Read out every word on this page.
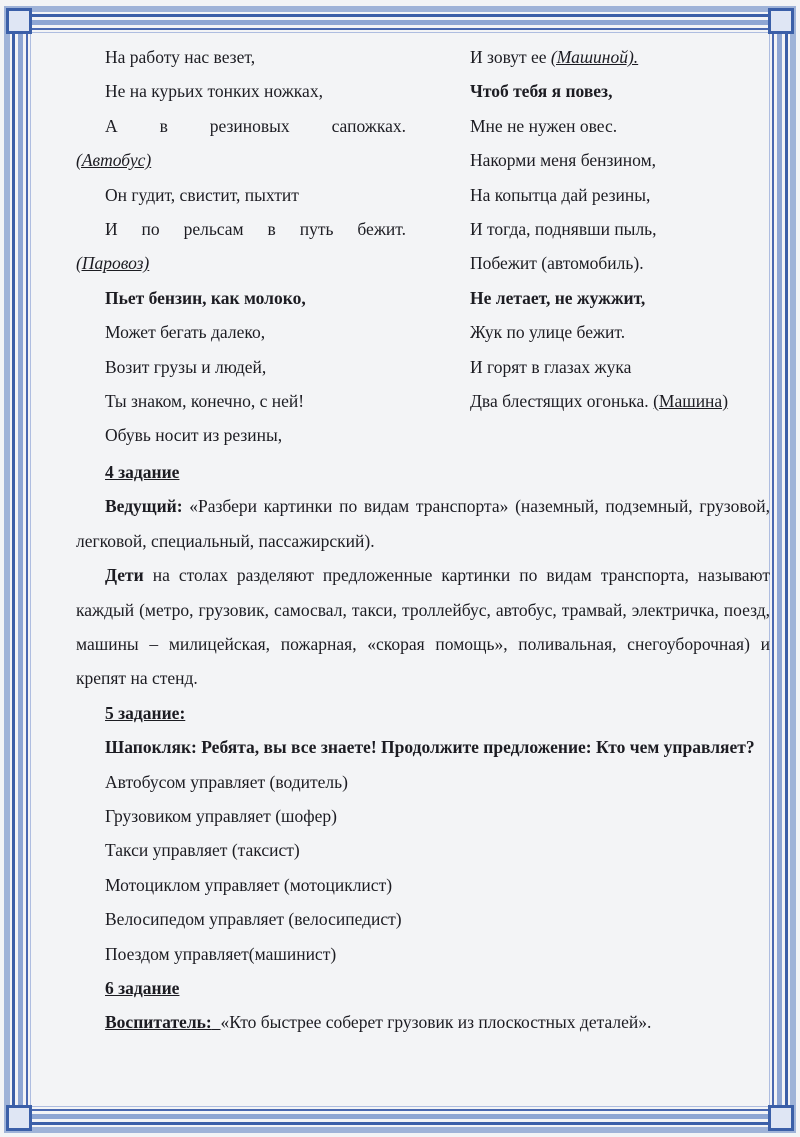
На работу нас везет,
Не на курьих тонких ножках,
А в резиновых сапожках.
(Автобус)
Он гудит, свистит, пыхтит
И по рельсам в путь бежит.
(Паровоз)
Пьет бензин, как молоко,
Может бегать далеко,
Возит грузы и людей,
Ты знаком, конечно, с ней!
Обувь носит из резины,
И зовут ее (Машиной).
Чтоб тебя я повез,
Мне не нужен овес.
Накорми меня бензином,
На копытца дай резины,
И тогда, поднявши пыль,
Побежит (автомобиль).
Не летает, не жужжит,
Жук по улице бежит.
И горят в глазах жука
Два блестящих огонька. (Машина)
4 задание

Ведущий: «Разбери картинки по видам транспорта» (наземный, подземный, грузовой, легковой, специальный, пассажирский).

Дети на столах разделяют предложенные картинки по видам транспорта, называют каждый (метро, грузовик, самосвал, такси, троллейбус, автобус, трамвай, электричка, поезд, машины – милицейская, пожарная, «скорая помощь», поливальная, снегоуборочная) и крепят на стенд.

5 задание:

Шапокляк: Ребята, вы все знаете! Продолжите предложение: Кто чем управляет?

Автобусом управляет (водитель)
Грузовиком управляет (шофер)
Такси управляет (таксист)
Мотоциклом управляет (мотоциклист)
Велосипедом управляет (велосипедист)
Поездом управляет(машинист)
6 задание
Воспитатель: «Кто быстрее соберет грузовик из плоскостных деталей».
